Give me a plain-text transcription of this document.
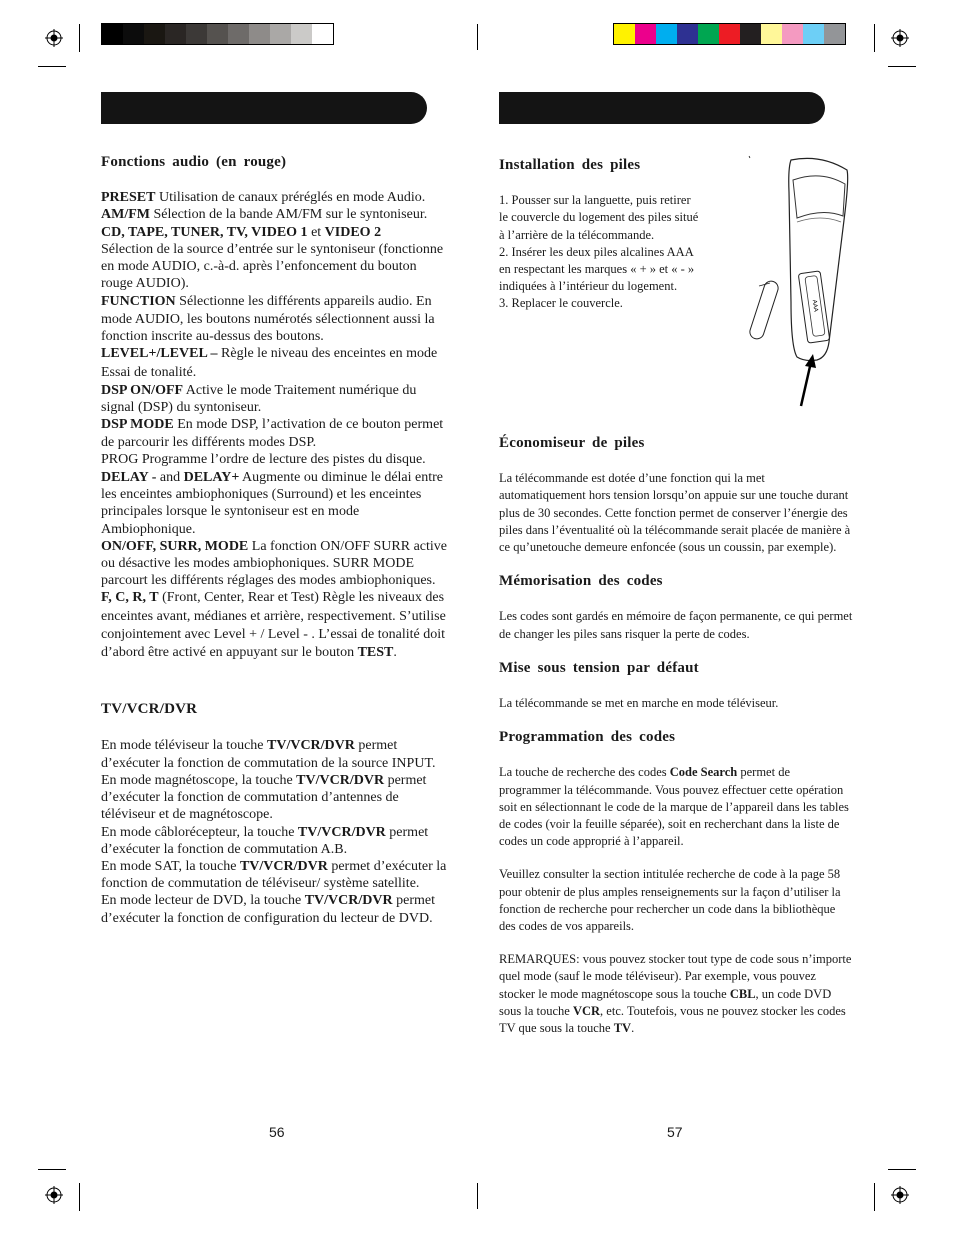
Fonctions audio (en rouge)

PRESET Utilisation de canaux préréglés en mode Audio.

AM/FM Sélection de la bande AM/FM sur le syntoniseur.

CD, TAPE, TUNER, TV, VIDEO 1 et VIDEO 2
Sélection de la source d’entrée sur le syntoniseur (fonctionne en mode AUDIO, c.-à-d. après l’enfoncement du bouton rouge AUDIO).

FUNCTION Sélectionne les différents appareils audio. En mode AUDIO, les boutons numérotés sélectionnent aussi la fonction inscrite au-dessus des boutons.

LEVEL+/LEVEL – Règle le niveau des enceintes en mode Essai de tonalité.

DSP ON/OFF Active le mode Traitement numérique du signal (DSP) du syntoniseur.

DSP MODE En mode DSP, l’activation de ce bouton permet de parcourir les différents modes DSP.

PROG Programme l’ordre de lecture des pistes du disque.

DELAY - and DELAY+ Augmente ou diminue le délai entre les enceintes ambiophoniques (Surround) et les enceintes principales lorsque le syntoniseur est en mode Ambiophonique.

ON/OFF, SURR, MODE La fonction ON/OFF SURR active ou désactive les modes ambiophoniques. SURR MODE parcourt les différents réglages des modes ambiophoniques.

F, C, R, T (Front, Center, Rear et Test) Règle les niveaux des enceintes avant, médianes et arrière, respectivement. S’utilise conjointement avec Level + / Level - . L’essai de tonalité doit d’abord être activé en appuyant sur le bouton TEST.

TV/VCR/DVR

En mode téléviseur la touche TV/VCR/DVR permet d’exécuter la fonction de commutation de la source INPUT.

En mode magnétoscope, la touche TV/VCR/DVR permet d’exécuter la fonction de commutation d’antennes de téléviseur et de magnétoscope.

En mode câblorécepteur, la touche TV/VCR/DVR permet d’exécuter la fonction de commutation A.B.

En mode SAT, la touche TV/VCR/DVR permet d’exécuter la fonction de commutation de téléviseur/ système satellite.

En mode lecteur de DVD, la touche TV/VCR/DVR permet d’exécuter la fonction de configuration du lecteur de DVD.

Installation des piles

1. Pousser sur la languette, puis retirer le couvercle du logement des piles situé à l’arrière de la télécommande.

2. Insérer les deux piles alcalines AAA en respectant les marques « + » et « - » indiquées à l’intérieur du logement.

3. Replacer le couvercle.	AAA
Économiseur de piles

La télécommande est dotée d’une fonction qui la met automatiquement hors tension lorsqu’on appuie sur une touche durant plus de 30 secondes. Cette fonction permet de conserver l’énergie des piles dans l’éventualité où la télécommande serait placée de manière à ce qu’unetouche demeure enfoncée (sous un coussin, par exemple).

Mémorisation des codes

Les codes sont gardés en mémoire de façon permanente, ce qui permet de changer les piles sans risquer la perte de codes.

Mise sous tension par défaut

La télécommande se met en marche en mode téléviseur.

Programmation des codes

La touche de recherche des codes Code Search permet de programmer la télécommande. Vous pouvez effectuer cette opération soit en sélectionnant le code de la marque de l’appareil dans les tables de codes (voir la feuille séparée), soit en recherchant dans la liste de codes un code approprié à l’appareil.

Veuillez consulter la section intitulée recherche de code à la page 58 pour obtenir de plus amples renseignements sur la façon d’utiliser la fonction de recherche pour rechercher un code dans la bibliothèque des codes de vos appareils.

REMARQUES: vous pouvez stocker tout type de code sous n’importe quel mode (sauf le mode téléviseur). Par exemple, vous pouvez stocker le mode magnétoscope sous la touche CBL, un code DVD sous la touche VCR, etc. Toutefois, vous ne pouvez stocker les codes TV que sous la touche TV.

56	57
